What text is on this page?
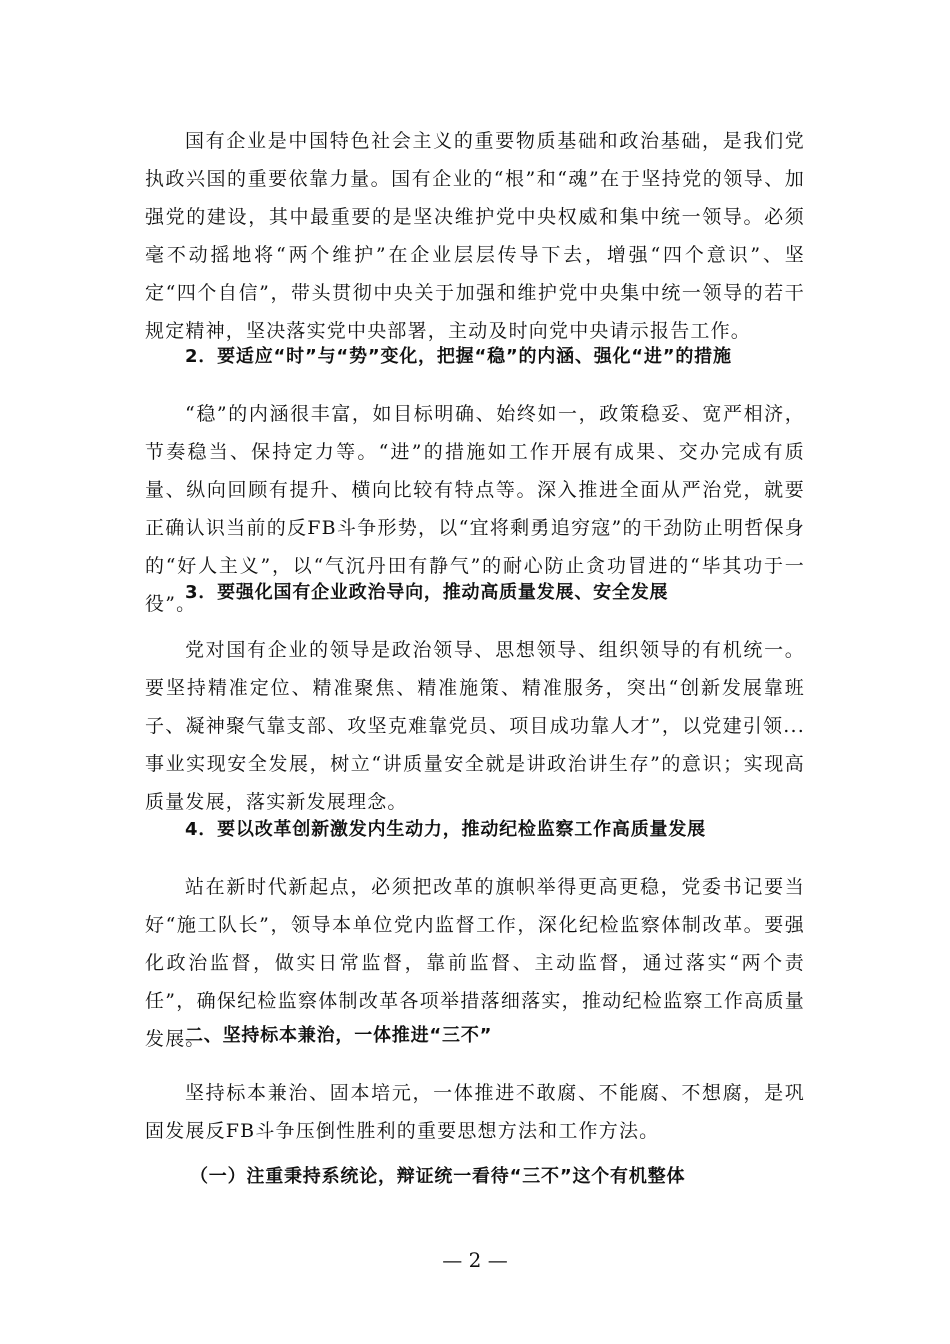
国有企业是中国特色社会主义的重要物质基础和政治基础，是我们党执政兴国的重要依靠力量。国有企业的“根”和“魂”在于坚持党的领导、加强党的建设，其中最重要的是坚决维护党中央权威和集中统一领导。必须毫不动摇地将“两个维护”在企业层层传导下去，增强“四个意识”、坚定“四个自信”，带头贯彻中央关于加强和维护党中央集中统一领导的若干规定精神，坚决落实党中央部署，主动及时向党中央请示报告工作。

2．要适应“时”与“势”变化，把握“稳”的内涵、强化“进”的措施

“稳”的内涵很丰富，如目标明确、始终如一，政策稳妥、宽严相济，节奏稳当、保持定力等。“进”的措施如工作开展有成果、交办完成有质量、纵向回顾有提升、横向比较有特点等。深入推进全面从严治党，就要正确认识当前的反FB斗争形势，以“宜将剩勇追穷寇”的干劲防止明哲保身的“好人主义”，以“气沉丹田有静气”的耐心防止贪功冒进的“毕其功于一役”。

3．要强化国有企业政治导向，推动高质量发展、安全发展

党对国有企业的领导是政治领导、思想领导、组织领导的有机统一。要坚持精准定位、精准聚焦、精准施策、精准服务，突出“创新发展靠班子、凝神聚气靠支部、攻坚克难靠党员、项目成功靠人才”，以党建引领...事业实现安全发展，树立“讲质量安全就是讲政治讲生存”的意识；实现高质量发展，落实新发展理念。

4．要以改革创新激发内生动力，推动纪检监察工作高质量发展

站在新时代新起点，必须把改革的旗帜举得更高更稳，党委书记要当好“施工队长”，领导本单位党内监督工作，深化纪检监察体制改革。要强化政治监督，做实日常监督，靠前监督、主动监督，通过落实“两个责任”，确保纪检监察体制改革各项举措落细落实，推动纪检监察工作高质量发展。

二、坚持标本兼治，一体推进“三不”

坚持标本兼治、固本培元，一体推进不敢腐、不能腐、不想腐，是巩固发展反FB斗争压倒性胜利的重要思想方法和工作方法。

（一）注重秉持系统论，辩证统一看待“三不”这个有机整体
— 2 —
